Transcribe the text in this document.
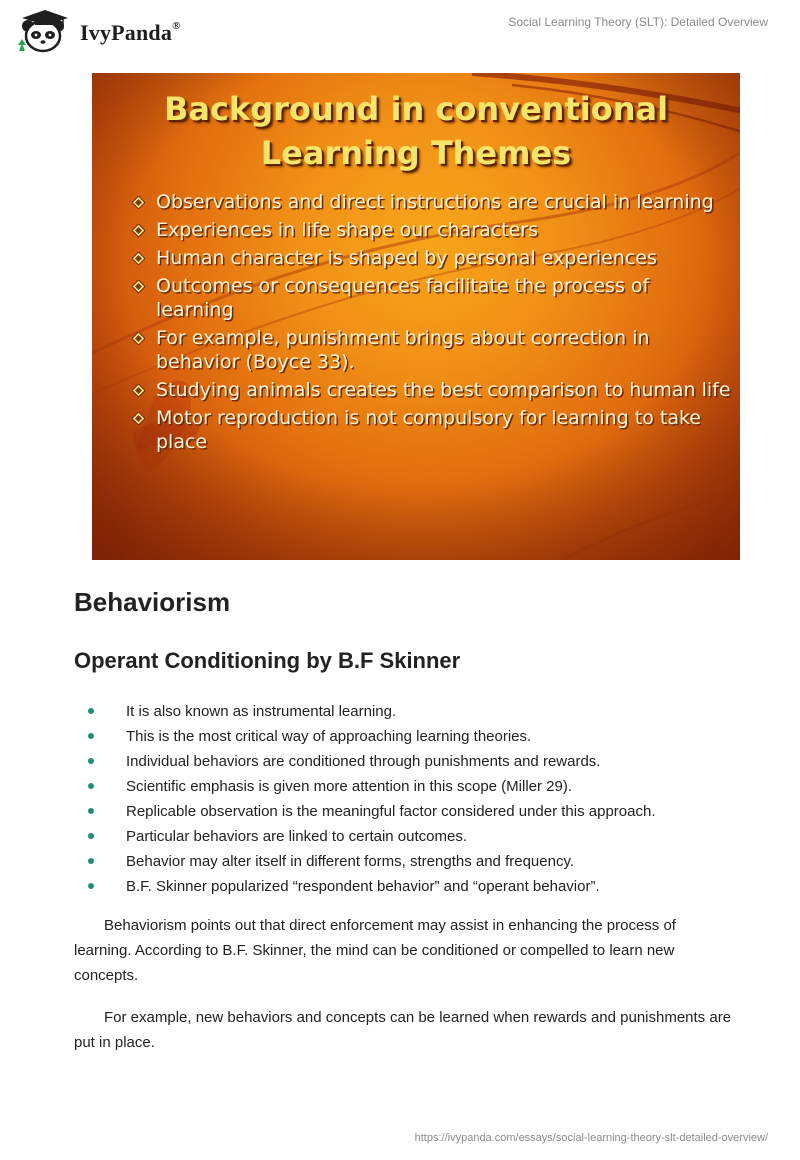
IvyPanda®	Social Learning Theory (SLT): Detailed Overview
Background in conventional
Learning Themes
Observations and direct instructions are crucial in learning
Experiences in life shape our characters
Human character is shaped by personal experiences
Outcomes or consequences facilitate the process of learning
For example, punishment brings about correction in behavior (Boyce 33).
Studying animals creates the best comparison to human life
Motor reproduction is not compulsory for learning to take place
Behaviorism
Operant Conditioning by B.F Skinner
It is also known as instrumental learning.
This is the most critical way of approaching learning theories.
Individual behaviors are conditioned through punishments and rewards.
Scientific emphasis is given more attention in this scope (Miller 29).
Replicable observation is the meaningful factor considered under this approach.
Particular behaviors are linked to certain outcomes.
Behavior may alter itself in different forms, strengths and frequency.
B.F. Skinner popularized “respondent behavior” and “operant behavior”.

Behaviorism points out that direct enforcement may assist in enhancing the process of learning. According to B.F. Skinner, the mind can be conditioned or compelled to learn new concepts.

For example, new behaviors and concepts can be learned when rewards and punishments are put in place.

https://ivypanda.com/essays/social-learning-theory-slt-detailed-overview/
